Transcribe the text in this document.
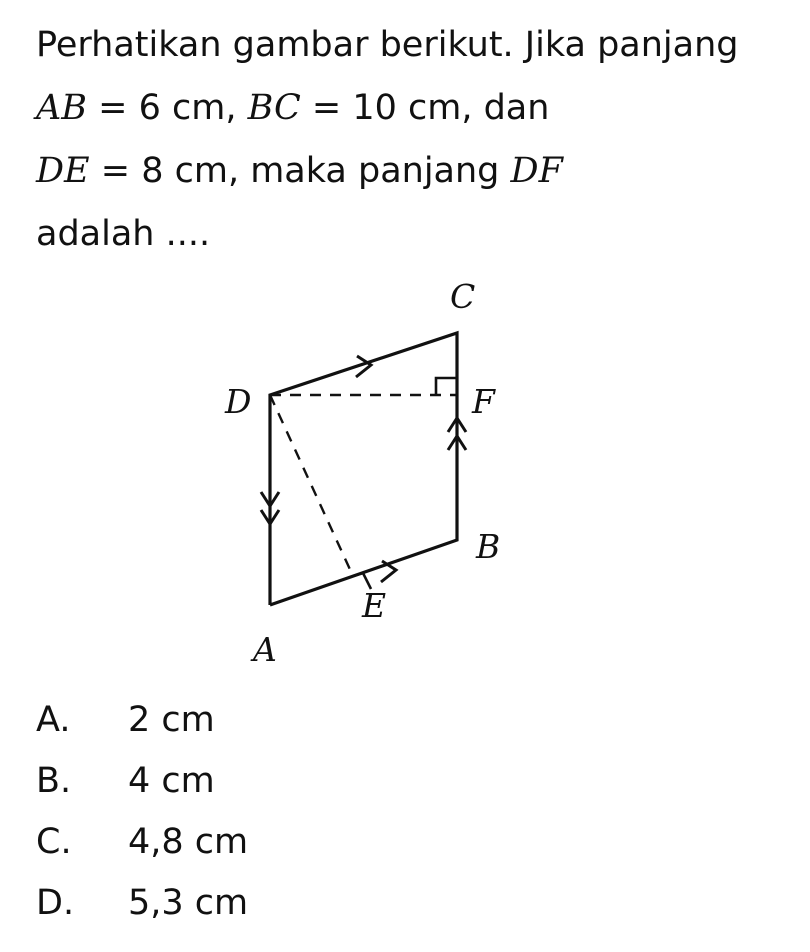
Perhatikan gambar berikut. Jika panjang

AB = 6 cm, BC = 10 cm, dan

DE = 8 cm, maka panjang DF

adalah ....

C
D	F
B
E
A
A.	2 cm
B.	4 cm
C.	4,8 cm
D.	5,3 cm
